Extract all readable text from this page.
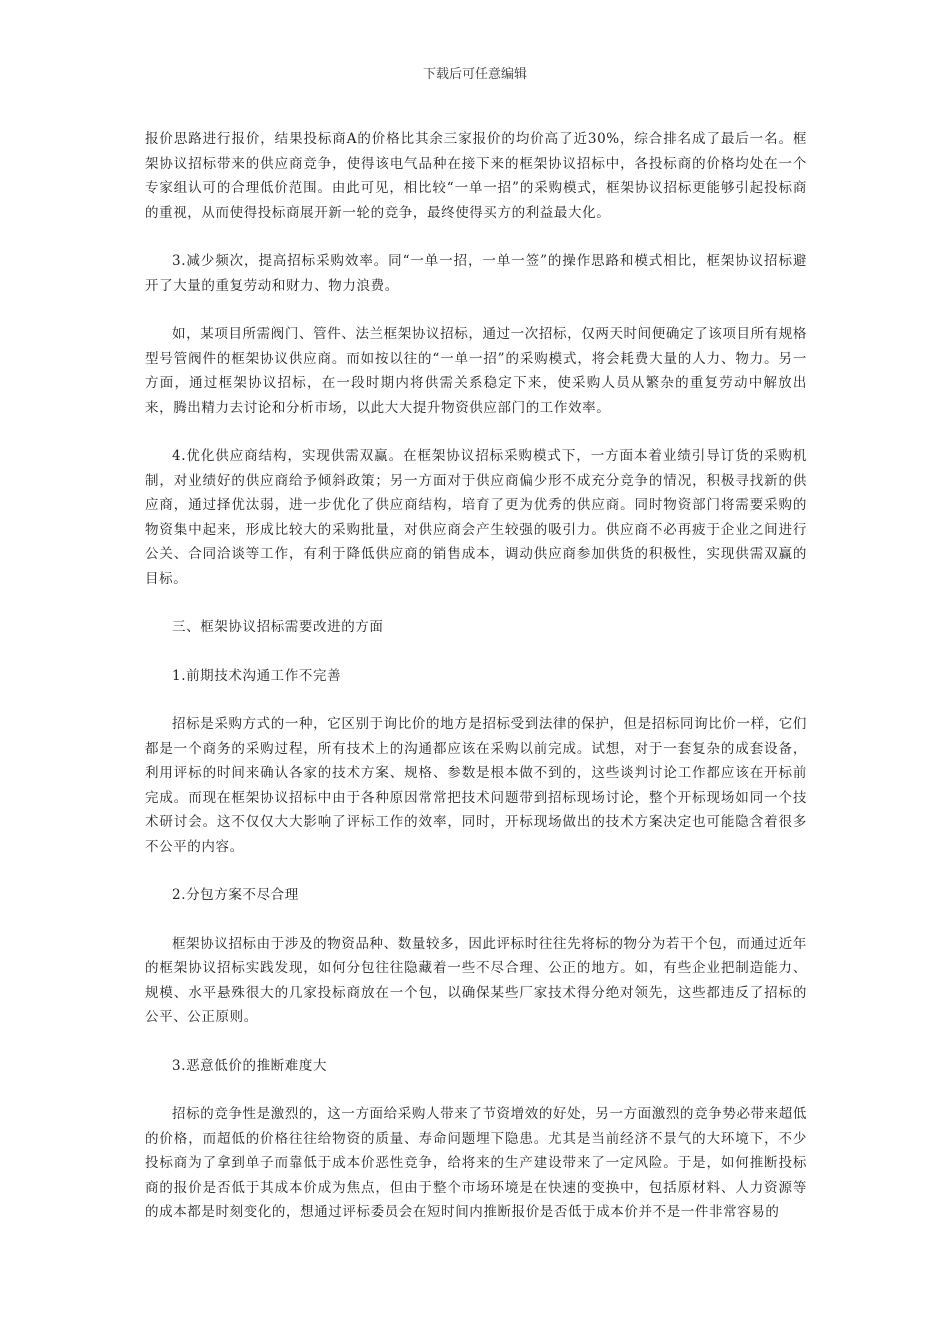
下载后可任意编辑

报价思路进行报价，结果投标商A的价格比其余三家报价的均价高了近30%，综合排名成了最后一名。框架协议招标带来的供应商竞争，使得该电气品种在接下来的框架协议招标中，各投标商的价格均处在一个专家组认可的合理低价范围。由此可见，相比较“一单一招”的采购模式，框架协议招标更能够引起投标商的重视，从而使得投标商展开新一轮的竞争，最终使得买方的利益最大化。

3.减少频次，提高招标采购效率。同“一单一招，一单一签”的操作思路和模式相比，框架协议招标避开了大量的重复劳动和财力、物力浪费。

如，某项目所需阀门、管件、法兰框架协议招标，通过一次招标，仅两天时间便确定了该项目所有规格型号管阀件的框架协议供应商。而如按以往的“一单一招”的采购模式，将会耗费大量的人力、物力。另一方面，通过框架协议招标，在一段时期内将供需关系稳定下来，使采购人员从繁杂的重复劳动中解放出来，腾出精力去讨论和分析市场，以此大大提升物资供应部门的工作效率。

4.优化供应商结构，实现供需双赢。在框架协议招标采购模式下，一方面本着业绩引导订货的采购机制，对业绩好的供应商给予倾斜政策；另一方面对于供应商偏少形不成充分竞争的情况，积极寻找新的供应商，通过择优汰弱，进一步优化了供应商结构，培育了更为优秀的供应商。同时物资部门将需要采购的物资集中起来，形成比较大的采购批量，对供应商会产生较强的吸引力。供应商不必再疲于企业之间进行公关、合同洽谈等工作，有利于降低供应商的销售成本，调动供应商参加供货的积极性，实现供需双赢的目标。

三、框架协议招标需要改进的方面

1.前期技术沟通工作不完善

招标是采购方式的一种，它区别于询比价的地方是招标受到法律的保护，但是招标同询比价一样，它们都是一个商务的采购过程，所有技术上的沟通都应该在采购以前完成。试想，对于一套复杂的成套设备，利用评标的时间来确认各家的技术方案、规格、参数是根本做不到的，这些谈判讨论工作都应该在开标前完成。而现在框架协议招标中由于各种原因常常把技术问题带到招标现场讨论，整个开标现场如同一个技术研讨会。这不仅仅大大影响了评标工作的效率，同时，开标现场做出的技术方案决定也可能隐含着很多不公平的内容。

2.分包方案不尽合理

框架协议招标由于涉及的物资品种、数量较多，因此评标时往往先将标的物分为若干个包，而通过近年的框架协议招标实践发现，如何分包往往隐藏着一些不尽合理、公正的地方。如，有些企业把制造能力、规模、水平悬殊很大的几家投标商放在一个包，以确保某些厂家技术得分绝对领先，这些都违反了招标的公平、公正原则。

3.恶意低价的推断难度大

招标的竞争性是激烈的，这一方面给采购人带来了节资增效的好处，另一方面激烈的竞争势必带来超低的价格，而超低的价格往往给物资的质量、寿命问题埋下隐患。尤其是当前经济不景气的大环境下，不少投标商为了拿到单子而靠低于成本价恶性竞争，给将来的生产建设带来了一定风险。于是，如何推断投标商的报价是否低于其成本价成为焦点，但由于整个市场环境是在快速的变换中，包括原材料、人力资源等的成本都是时刻变化的，想通过评标委员会在短时间内推断报价是否低于成本价并不是一件非常容易的
